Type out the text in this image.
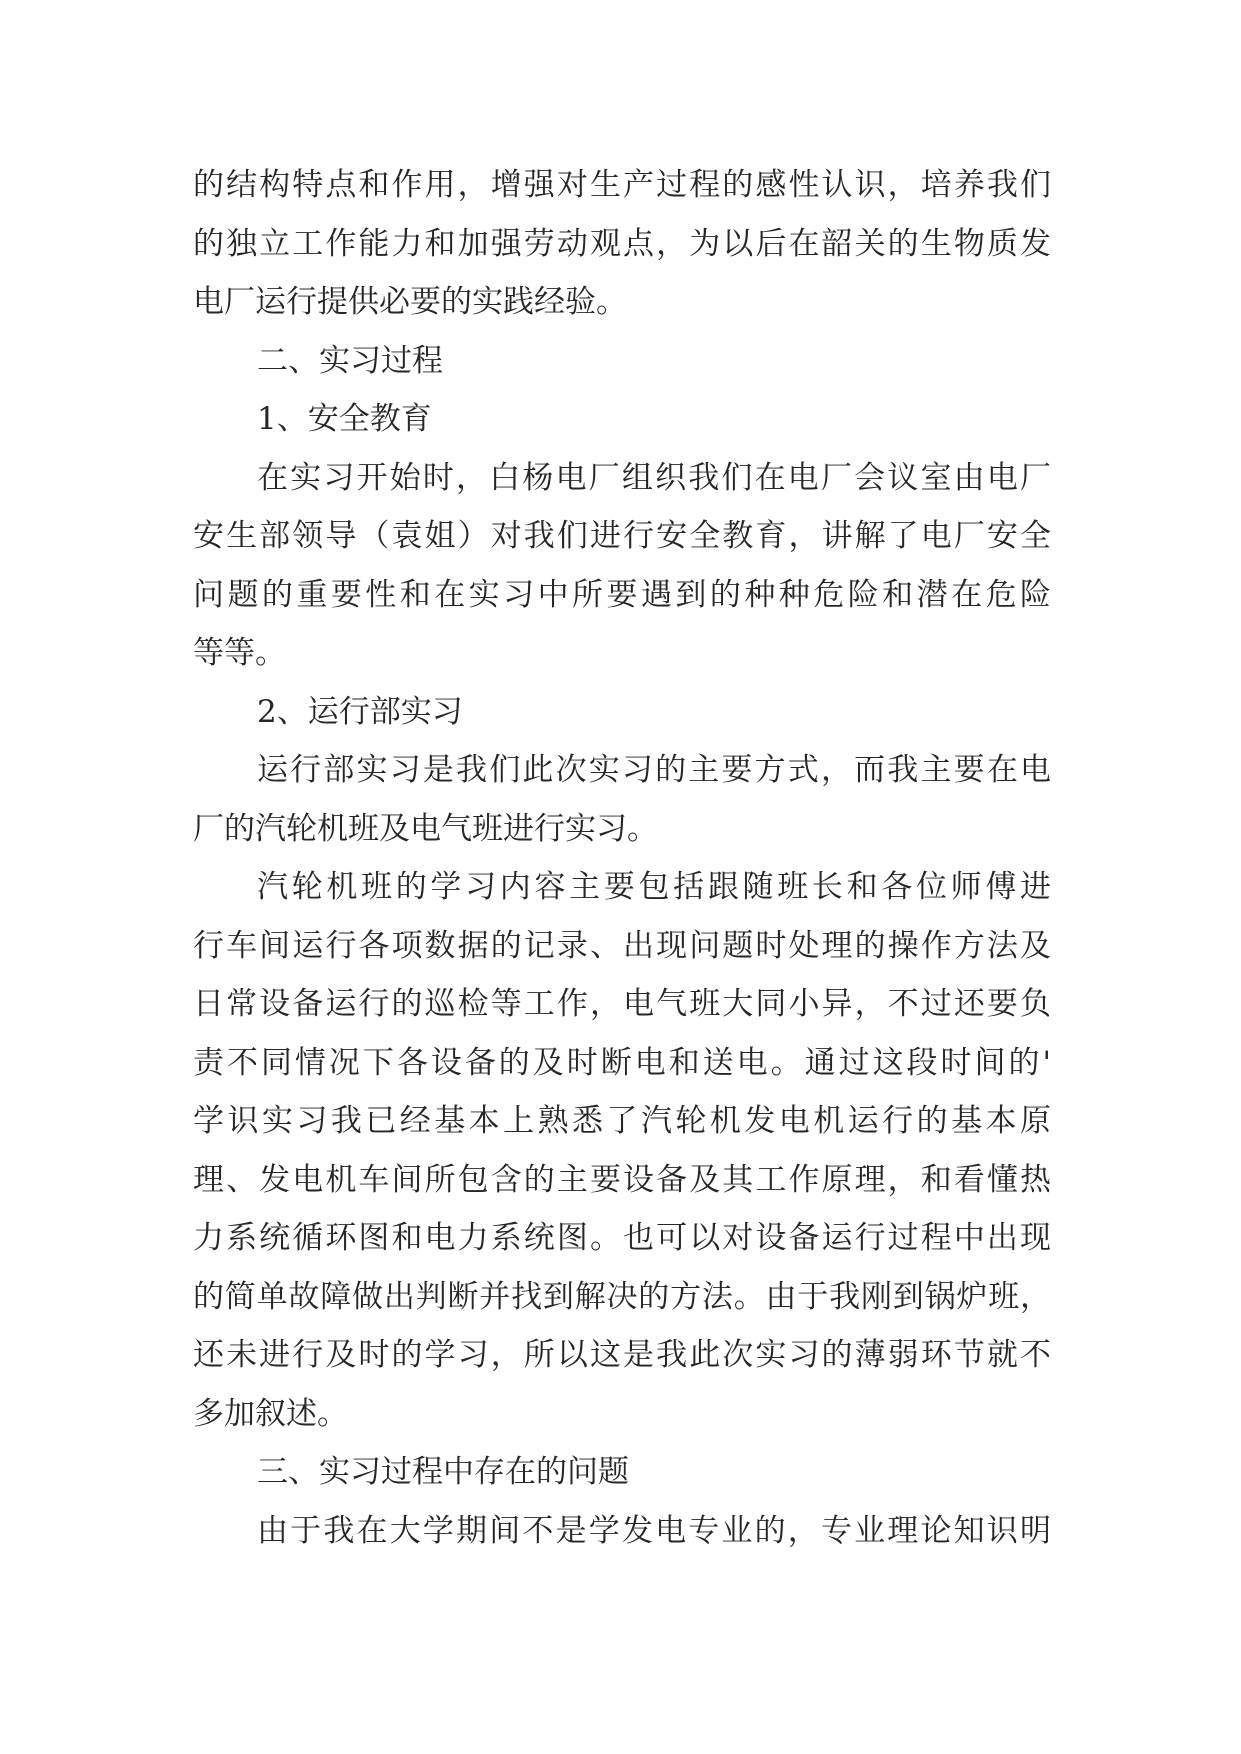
的结构特点和作用，增强对生产过程的感性认识，培养我们
的独立工作能力和加强劳动观点，为以后在韶关的生物质发
电厂运行提供必要的实践经验。
二、实习过程
1、安全教育
在实习开始时，白杨电厂组织我们在电厂会议室由电厂
安生部领导（袁姐）对我们进行安全教育，讲解了电厂安全
问题的重要性和在实习中所要遇到的种种危险和潜在危险
等等。
2、运行部实习
运行部实习是我们此次实习的主要方式，而我主要在电
厂的汽轮机班及电气班进行实习。
汽轮机班的学习内容主要包括跟随班长和各位师傅进
行车间运行各项数据的记录、出现问题时处理的操作方法及
日常设备运行的巡检等工作，电气班大同小异，不过还要负
责不同情况下各设备的及时断电和送电。通过这段时间的'
学识实习我已经基本上熟悉了汽轮机发电机运行的基本原
理、发电机车间所包含的主要设备及其工作原理，和看懂热
力系统循环图和电力系统图。也可以对设备运行过程中出现
的简单故障做出判断并找到解决的方法。由于我刚到锅炉班，
还未进行及时的学习，所以这是我此次实习的薄弱环节就不
多加叙述。
三、实习过程中存在的问题
由于我在大学期间不是学发电专业的，专业理论知识明
